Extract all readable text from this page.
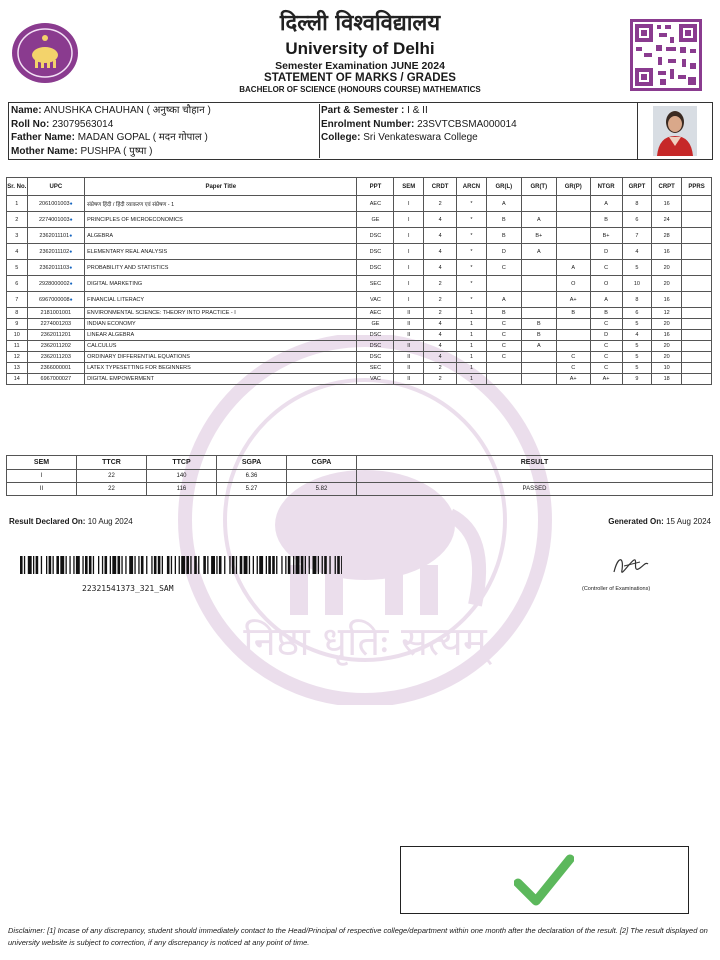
निष्ठा धृतिः सत्यम्
दिल्ली विश्वविद्यालय
University of Delhi
Semester Examination JUNE 2024
STATEMENT OF MARKS / GRADES
BACHELOR OF SCIENCE (HONOURS COURSE) MATHEMATICS
Name: ANUSHKA CHAUHAN ( अनुष्का चौहान )
Roll No: 23079563014
Father Name: MADAN GOPAL ( मदन गोपाल )
Mother Name: PUSHPA ( पुष्पा )
Part & Semester : I & II
Enrolment Number: 23SVTCBSMA000014
College: Sri Venkateswara College
Sr. No.	UPC	Paper Title	PPT	SEM	CRDT	ARCN	GR(L)	GR(T)	GR(P)	NTGR	GRPT	CRPT	PPRS
1	2061001003●	संप्रेषण हिंदी / हिंदी व्याकरण एवं संप्रेषण - 1	AEC	I	2	*	A			A	8	16	
2	2274001003●	PRINCIPLES OF MICROECONOMICS	GE	I	4	*	B	A		B	6	24	
3	2362011101●	ALGEBRA	DSC	I	4	*	B	B+		B+	7	28	
4	2362011102●	ELEMENTARY REAL ANALYSIS	DSC	I	4	*	D	A		D	4	16	
5	2362011103●	PROBABILITY AND STATISTICS	DSC	I	4	*	C		A	C	5	20	
6	2928000002●	DIGITAL MARKETING	SEC	I	2	*			O	O	10	20	
7	6967000008●	FINANCIAL LITERACY	VAC	I	2	*	A		A+	A	8	16	
8	2181001001	ENVIRONMENTAL SCIENCE: THEORY INTO PRACTICE - I	AEC	II	2	1	B		B	B	6	12	
9	2274001203	INDIAN ECONOMY	GE	II	4	1	C	B		C	5	20	
10	2362011201	LINEAR ALGEBRA	DSC	II	4	1	C	B		D	4	16	
11	2362011202	CALCULUS	DSC	II	4	1	C	A		C	5	20	
12	2362011203	ORDINARY DIFFERENTIAL EQUATIONS	DSC	II	4	1	C		C	C	5	20	
13	2366000001	LATEX TYPESETTING FOR BEGINNERS	SEC	II	2	1			C	C	5	10	
14	6967000027	DIGITAL EMPOWERMENT	VAC	II	2	1			A+	A+	9	18	
SEM	TTCR	TTCP	SGPA	CGPA	RESULT
I	22	140	6.36		
II	22	116	5.27	5.82	PASSED
Result Declared On: 10 Aug 2024	Generated On: 15 Aug 2024
22321541373_321_SAM	(Controller of Examinations)
Disclaimer: [1] Incase of any discrepancy, student should immediately contact to the Head/Principal of respective college/department within one month after the declaration of the result. [2] The result displayed on university website is subject to correction, if any discrepancy is noticed at any point of time.
